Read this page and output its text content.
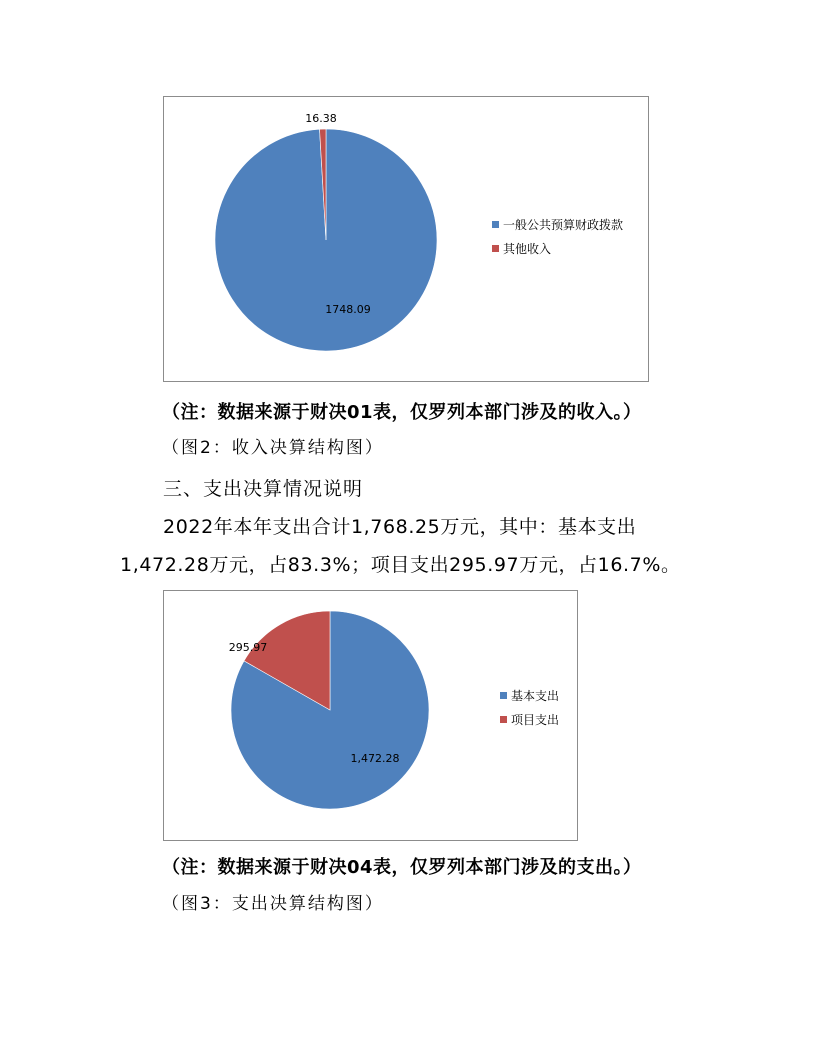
1748.09
16.38
一般公共预算财政拨款
其他收入
（注：数据来源于财决01表，仅罗列本部门涉及的收入。）
（图2：收入决算结构图）
三、支出决算情况说明
2022年本年支出合计1,768.25万元，其中：基本支出
1,472.28万元，占83.3%；项目支出295.97万元，占16.7%。
1,472.28
295.97
基本支出
项目支出
（注：数据来源于财决04表，仅罗列本部门涉及的支出。）
（图3：支出决算结构图）
